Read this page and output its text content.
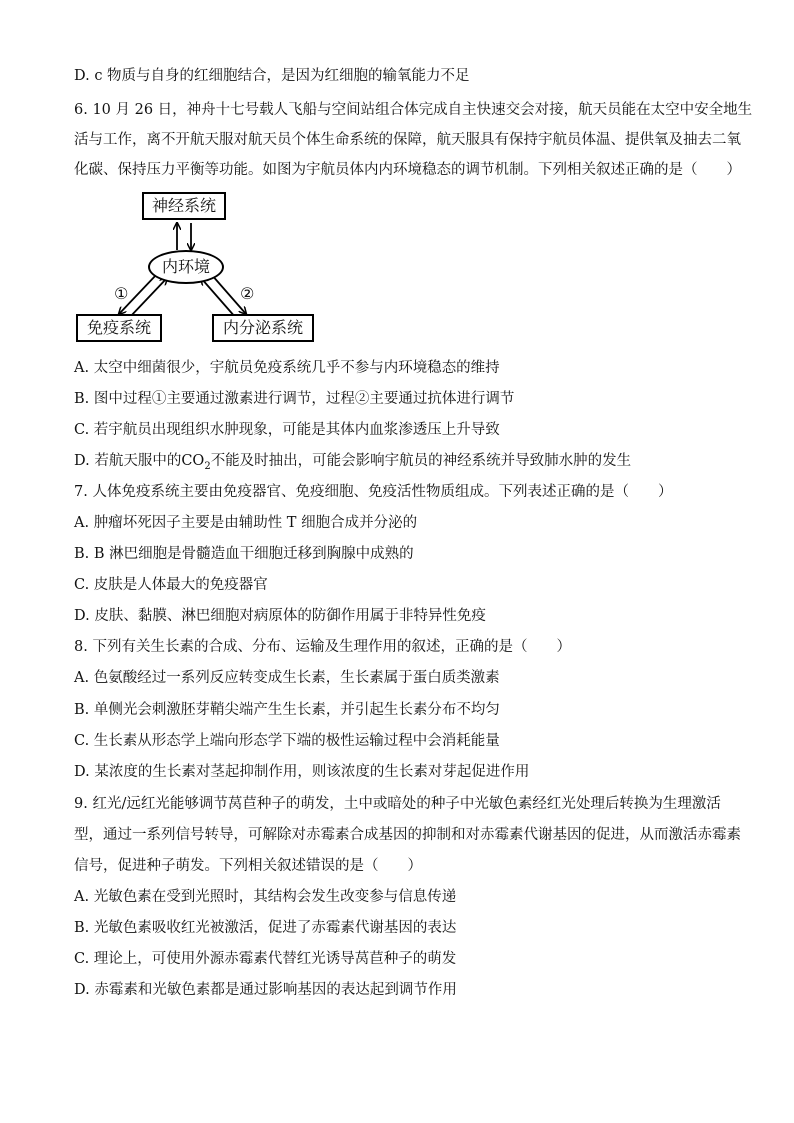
D. c 物质与自身的红细胞结合，是因为红细胞的输氧能力不足
6. 10 月 26 日，神舟十七号载人飞船与空间站组合体完成自主快速交会对接，航天员能在太空中安全地生
活与工作，离不开航天服对航天员个体生命系统的保障，航天服具有保持宇航员体温、提供氧及抽去二氧
化碳、保持压力平衡等功能。如图为宇航员体内内环境稳态的调节机制。下列相关叙述正确的是（　　）
神经系统
内环境
免疫系统	内分泌系统
①	②
A. 太空中细菌很少，宇航员免疫系统几乎不参与内环境稳态的维持
B. 图中过程①主要通过激素进行调节，过程②主要通过抗体进行调节
C. 若宇航员出现组织水肿现象，可能是其体内血浆渗透压上升导致
D. 若航天服中的$CO_2$不能及时抽出，可能会影响宇航员的神经系统并导致肺水肿的发生
7. 人体免疫系统主要由免疫器官、免疫细胞、免疫活性物质组成。下列表述正确的是（　　）
A. 肿瘤坏死因子主要是由辅助性 T 细胞合成并分泌的
B. B 淋巴细胞是骨髓造血干细胞迁移到胸腺中成熟的
C. 皮肤是人体最大的免疫器官
D. 皮肤、黏膜、淋巴细胞对病原体的防御作用属于非特异性免疫
8. 下列有关生长素的合成、分布、运输及生理作用的叙述，正确的是（　　）
A. 色氨酸经过一系列反应转变成生长素，生长素属于蛋白质类激素
B. 单侧光会刺激胚芽鞘尖端产生生长素，并引起生长素分布不均匀
C. 生长素从形态学上端向形态学下端的极性运输过程中会消耗能量
D. 某浓度的生长素对茎起抑制作用，则该浓度的生长素对芽起促进作用
9. 红光/远红光能够调节莴苣种子的萌发，土中或暗处的种子中光敏色素经红光处理后转换为生理激活
型，通过一系列信号转导，可解除对赤霉素合成基因的抑制和对赤霉素代谢基因的促进，从而激活赤霉素
信号，促进种子萌发。下列相关叙述错误的是（　　）
A. 光敏色素在受到光照时，其结构会发生改变参与信息传递
B. 光敏色素吸收红光被激活，促进了赤霉素代谢基因的表达
C. 理论上，可使用外源赤霉素代替红光诱导莴苣种子的萌发
D. 赤霉素和光敏色素都是通过影响基因的表达起到调节作用
